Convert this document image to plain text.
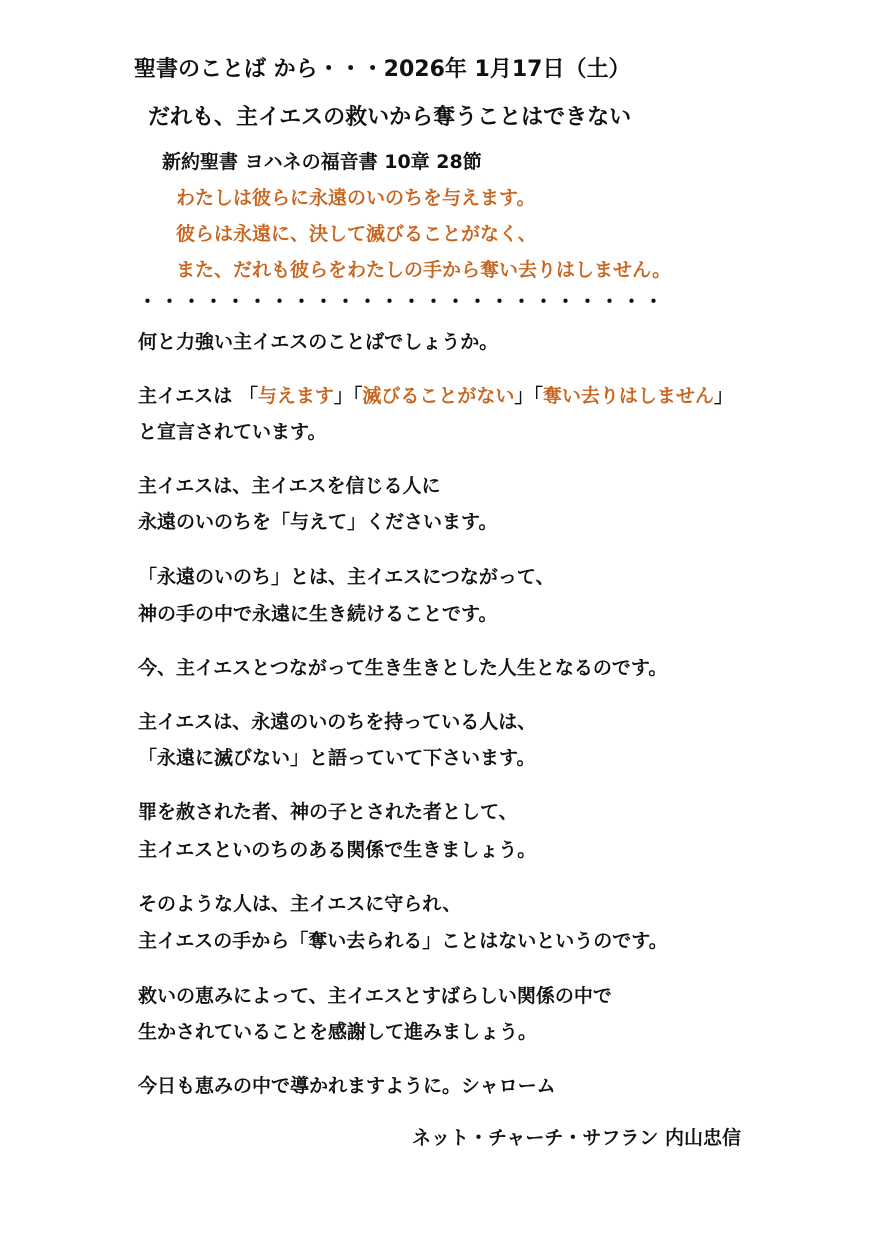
聖書のことば から・・・2026年 1月17日（土）
だれも、主イエスの救いから奪うことはできない
新約聖書 ヨハネの福音書 10章 28節
わたしは彼らに永遠のいのちを与えます。
彼らは永遠に、決して滅びることがなく、
また、だれも彼らをわたしの手から奪い去りはしません。
・・・・・・・・・・・・・・・・・・・・・・・・
何と力強い主イエスのことばでしょうか。
主イエスは 「与えます」「滅びることがない」「奪い去りはしません」
と宣言されています。
主イエスは、主イエスを信じる人に
永遠のいのちを「与えて」くださいます。
「永遠のいのち」とは、主イエスにつながって、
神の手の中で永遠に生き続けることです。
今、主イエスとつながって生き生きとした人生となるのです。
主イエスは、永遠のいのちを持っている人は、
「永遠に滅びない」と語っていて下さいます。
罪を赦された者、神の子とされた者として、
主イエスといのちのある関係で生きましょう。
そのような人は、主イエスに守られ、
主イエスの手から「奪い去られる」ことはないというのです。
救いの恵みによって、主イエスとすばらしい関係の中で
生かされていることを感謝して進みましょう。
今日も恵みの中で導かれますように。シャローム
ネット・チャーチ・サフラン 内山忠信
